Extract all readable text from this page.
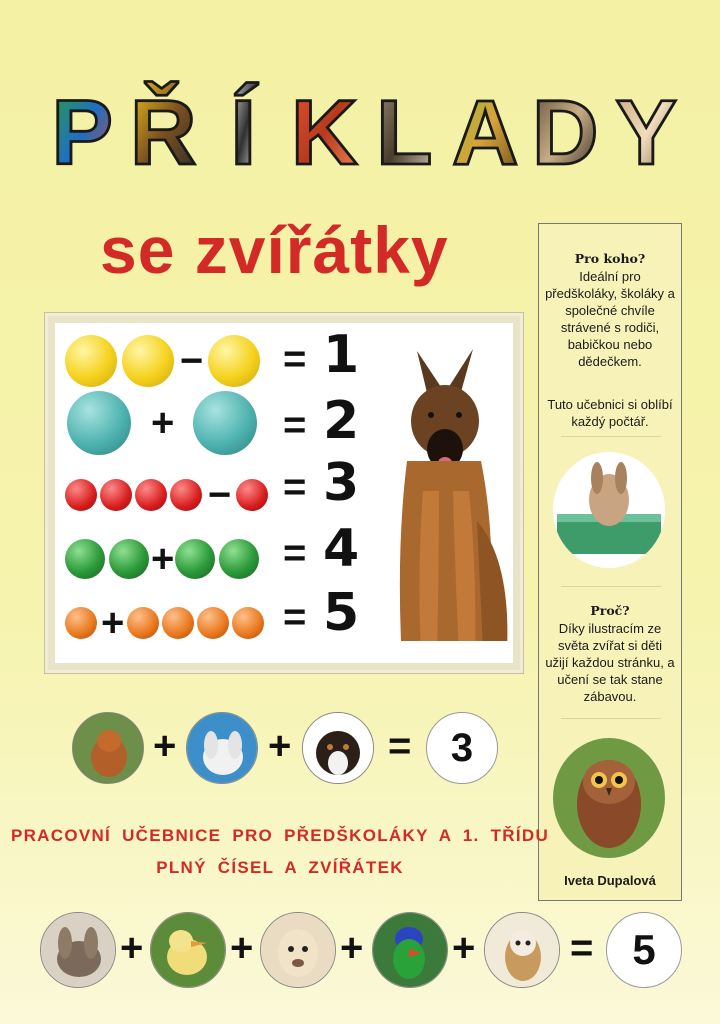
P Ř Í K L A D Y
se zvířátky
− = 1
+	= 2
− = 3
+	= 4
+	= 5
Pro koho?
Ideální pro předškoláky, školáky a společné chvíle strávené s rodiči, babičkou nebo dědečkem.
Tuto učebnici si oblíbí každý počtář.
Proč?
Díky ilustracím ze světa zvířat si děti užijí každou stránku, a učení se tak stane zábavou.
Iveta Dupalová
+ + = 3
PRACOVNÍ UČEBNICE PRO PŘEDŠKOLÁKY A 1. TŘÍDU
PLNÝ ČÍSEL A ZVÍŘÁTEK
+ + + + = 5
